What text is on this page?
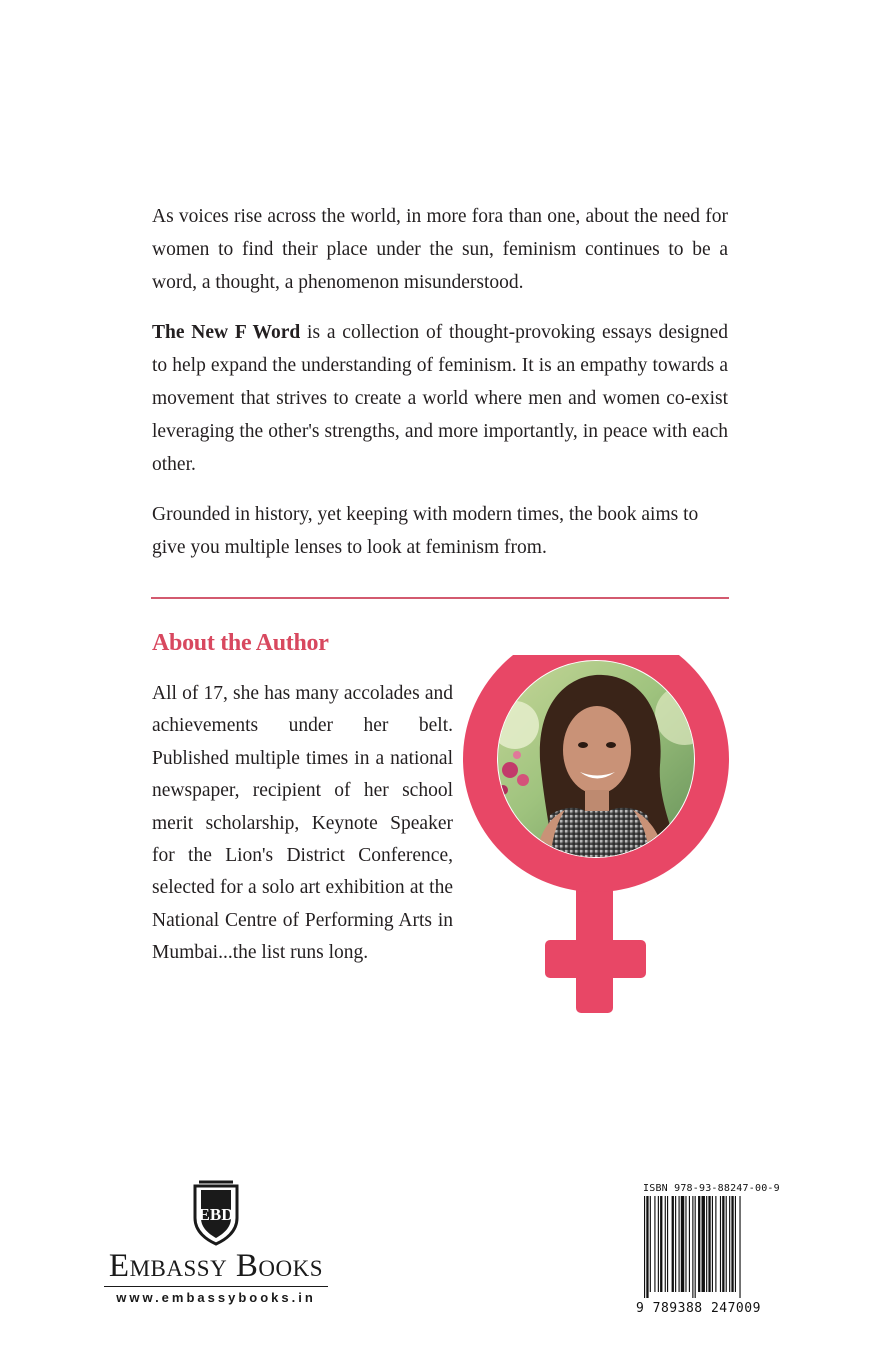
As voices rise across the world, in more fora than one, about the need for women to find their place under the sun, feminism continues to be a word, a thought, a phenomenon misunderstood.

The New F Word is a collection of thought-provoking essays designed to help expand the understanding of feminism. It is an empathy towards a movement that strives to create a world where men and women co-exist leveraging the other's strengths, and more importantly, in peace with each other.

Grounded in history, yet keeping with modern times, the book aims to give you multiple lenses to look at feminism from.

About the Author

All of 17, she has many accolades and achievements under her belt. Published multiple times in a national newspaper, recipient of her school merit scholarship, Keynote Speaker for the Lion's District Conference, selected for a solo art exhibition at the National Centre of Performing Arts in Mumbai...the list runs long.

EBD
Embassy Books
www.embassybooks.in
ISBN 978-93-88247-00-9
9 789388 247009
